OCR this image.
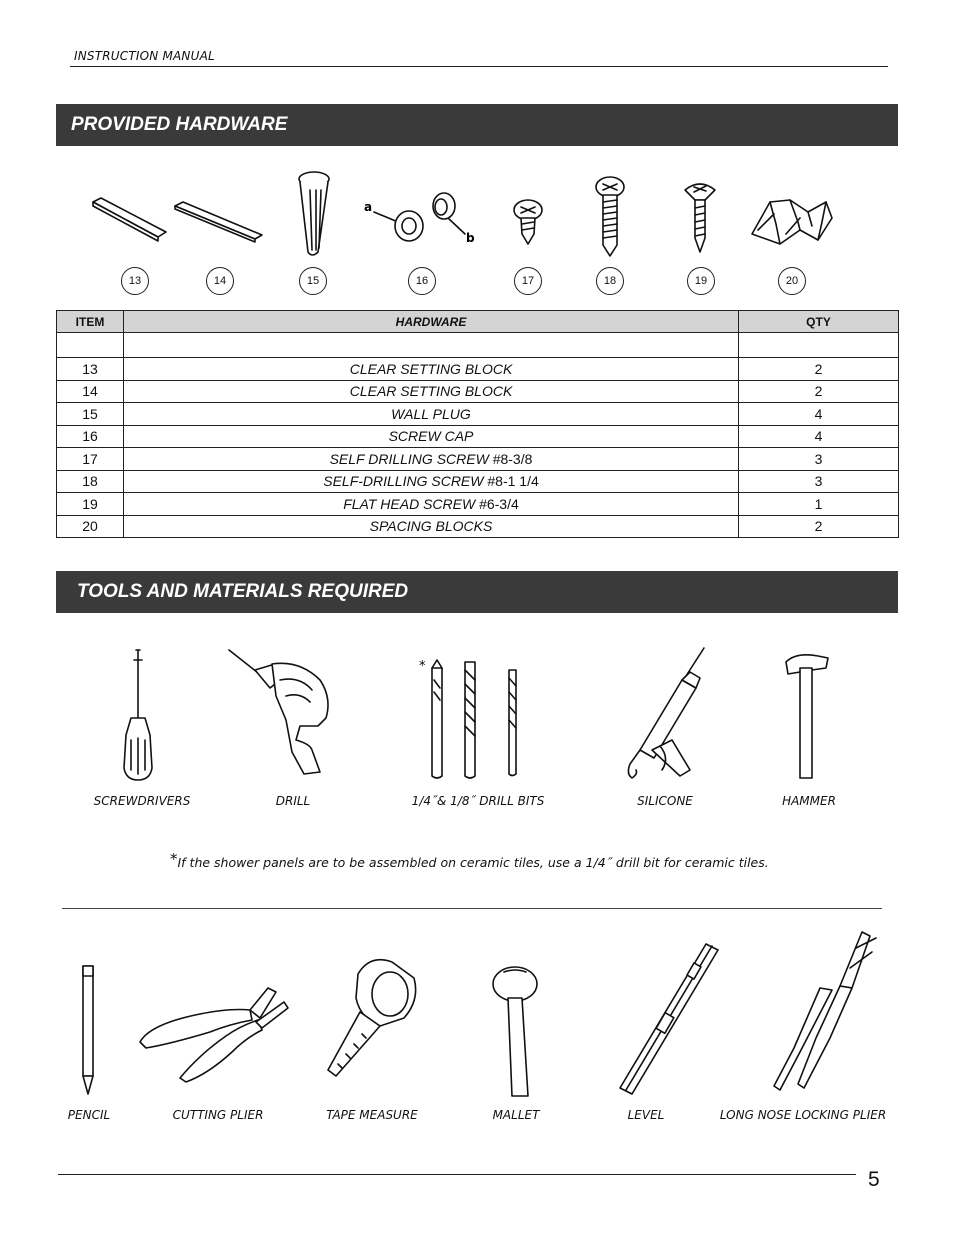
INSTRUCTION MANUAL
PROVIDED HARDWARE
a
b
13	14	15	16	17	18	19	20
ITEM	HARDWARE	QTY

13	CLEAR SETTING BLOCK	2
14	CLEAR SETTING BLOCK	2
15	WALL PLUG	4
16	SCREW CAP	4
17	SELF DRILLING SCREW #8-3/8	3
18	SELF-DRILLING SCREW #8-1 1/4	3
19	FLAT HEAD SCREW #6-3/4	1
20	SPACING BLOCKS	2
TOOLS AND MATERIALS REQUIRED
*
SCREWDRIVERS	DRILL	1/4˝& 1/8˝ DRILL BITS	SILICONE	HAMMER
*If the shower panels are to be assembled on ceramic tiles, use a 1/4˝ drill bit for ceramic tiles.
PENCIL	CUTTING PLIER	TAPE MEASURE	MALLET	LEVEL	LONG NOSE LOCKING PLIER
5
